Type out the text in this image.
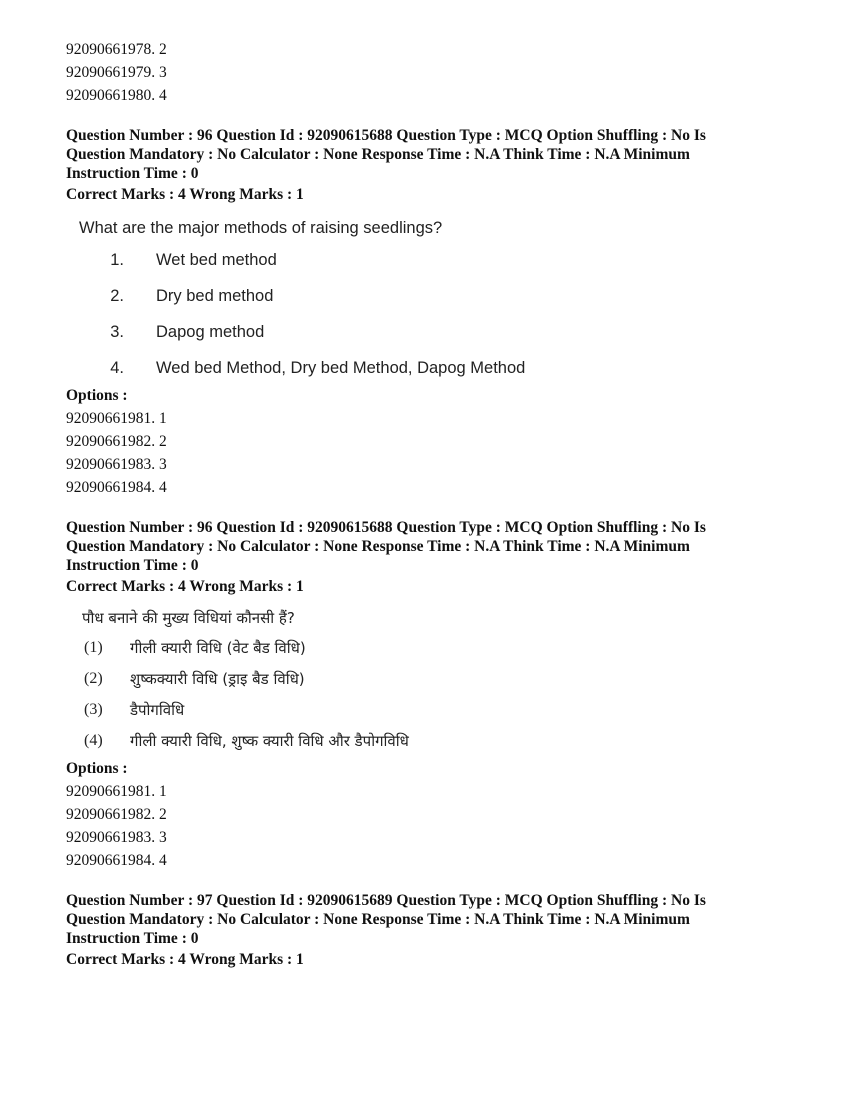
92090661978. 2
92090661979. 3
92090661980. 4
Question Number : 96 Question Id : 92090615688 Question Type : MCQ Option Shuffling : No Is
Question Mandatory : No Calculator : None Response Time : N.A Think Time : N.A Minimum
Instruction Time : 0
Correct Marks : 4 Wrong Marks : 1
What are the major methods of raising seedlings?
1.	Wet bed method
2.	Dry bed method
3.	Dapog method
4.	Wed bed Method, Dry bed Method, Dapog Method
Options :
92090661981. 1
92090661982. 2
92090661983. 3
92090661984. 4
Question Number : 96 Question Id : 92090615688 Question Type : MCQ Option Shuffling : No Is
Question Mandatory : No Calculator : None Response Time : N.A Think Time : N.A Minimum
Instruction Time : 0
Correct Marks : 4 Wrong Marks : 1
पौध बनाने की मुख्य विधियां कौनसी हैं?
(1)	गीली क्यारी विधि (वेट बैड विधि)
(2)	शुष्कक्यारी विधि (ड्राइ बैड विधि)
(3)	डैपोगविधि
(4)	गीली क्यारी विधि, शुष्क क्यारी विधि और डैपोगविधि
Options :
92090661981. 1
92090661982. 2
92090661983. 3
92090661984. 4
Question Number : 97 Question Id : 92090615689 Question Type : MCQ Option Shuffling : No Is
Question Mandatory : No Calculator : None Response Time : N.A Think Time : N.A Minimum
Instruction Time : 0
Correct Marks : 4 Wrong Marks : 1
